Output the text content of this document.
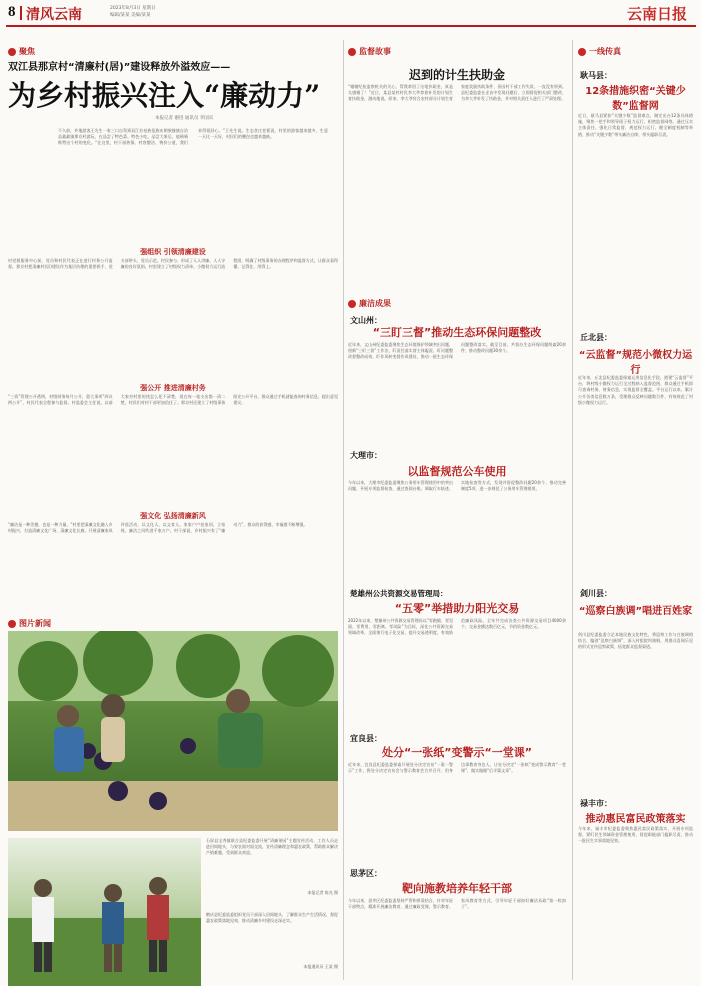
8 清风云南	2023年8月3日 星期日
编辑/某某 美编/某某	云南日报
聚焦
双江县那京村“清廉村(居)”建设释放外溢效应——
为乡村振兴注入“廉动力”
本报记者 谢进 通讯员 李国宾
不久前，外地游客王先生一家三口自驾到双江拉祜族佤族布朗族傣族自治县勐勐镇那京村游玩，在品尝了特色菜、特色小吃，品尝大果后，他啧啧称赞这个村的变化。“在这里，村干部热情、村容整洁、物价公道，我们来得很舒心。”王先生说。生态食庄老板说，村里的游客越来越多，生意一天比一天好，村民们的腰包也越来越鼓。
强组织 引领清廉建设
村党群服务中心前，党员和村民代表正在进行村务公开监督。那京村把清廉村(居)建设作为基层治理的重要抓手，党支部带头，党员示范，村民参与，形成了人人讲廉、人人守廉的良好氛围。村里建立了村级权力清单、小微权力运行流程图，明确了村级事务的办理程序和监督方式，让群众看得懂、记得住、用得上。
强公开 推进清廉村务
“三资”管理公开透明，村级财务每月公开，重大事项“四议两公开”，村民代表全程参与监督。村监委会主任说，以前大家对村里的钱怎么花不清楚，现在每一笔支出都一清二楚，村民们对村干部更加信任了。那京村还建立了村级事务阳光公开平台，群众通过手机就能查询村务信息，提出意见建议。
强文化 弘扬清廉新风
“廉洁是一种美德，也是一种力量。”村里把清廉文化融入乡村振兴，打造清廉文化广场、清廉文化长廊，开展清廉家风评选活动，以文化人、以文育人。家家户户挂家训、立家规，廉洁之风吹进千家万户。村干部说，乡村振兴有了“廉动力”，群众的获得感、幸福感不断增强。
图片新闻
石屏县宝秀镇联合县纪委监委开展“清廉果园”主题宣传活动，工作人员走进田间地头，与果农面对面交流，宣传清廉理念和惠农政策，帮助群众解决产销难题，受到群众欢迎。
本报记者 陈光 摄
鹤庆县纪委监委组织党员干部深入田间地头，了解群众生产生活情况，督促惠农政策落地见效，推动清廉乡村建设走深走实。
本报通讯员 王某 摄
监督故事
迟到的计生扶助金
“谢谢纪检监察机关的关心，帮我拿回了这笔扶助金，真是太感谢了！”近日，某县某村村民李大爷拿着补发的计划生育扶助金，激动地说。原来，李大爷符合农村部分计划生育家庭奖励扶助条件，但因村干部工作失误，一直没有领到。县纪委监委在走访中发现问题后，立即督促相关部门整改，为李大爷补发了扶助金，并对相关责任人进行了严肃处理。
廉洁成果
文山州：
“三盯三督”推动生态环保问题整改
近年来，文山州纪委监委聚焦生态环境保护领域突出问题，创新“三盯三督”工作法，盯责任落实督主体履责、盯问题整改督整改成效、盯作风转变督作风建设，推动一批生态环保问题整改落实。截至目前，共督办生态环保问题线索20余件，推动整改问题30余个。
大理市：
以监督规范公车使用
今年以来，大理市纪委监委聚焦公务用车管理使用中的突出问题，开展专项监督检查，通过查阅台账、调取行车轨迹、实地检查等方式，发现并督促整改问题20余个，推动完善制度5项，进一步规范了公务用车管理使用。
楚雄州公共资源交易管理局：
“五零”举措助力阳光交易
2022年以来，楚雄州公共资源交易管理局以“零跑腿、零见面、零费用、零距离、零风险”为目标，深化公共资源交易领域改革，全面推行电子化交易，提升交易透明度，有效防范廉政风险。全年共完成各类公共资源交易项目4000余个，交易金额达数百亿元，节约资金数亿元。
宜良县：
处分“一张纸”变警示“一堂课”
近年来，宜良县纪委监委探索开展处分决定宣布“一案一警示”工作，将处分决定宣布会与警示教育会合并召开，用身边事教育身边人，让处分决定“一张纸”变成警示教育“一堂课”，做实做细“后半篇文章”。
思茅区：
靶向施教培养年轻干部
今年以来，思茅区纪委监委坚持严管和厚爱结合，针对年轻干部特点，精准开展廉洁教育，通过廉政党课、警示教育、家风教育等方式，引导年轻干部扣好廉洁从政“第一粒扣子”。
一线传真
耿马县：
12条措施织密“关键少数”监督网
近日，耿马县紧扣“关键少数”监督难点，制定出台12条具体措施，聚焦一把手和领导班子权力运行，织密监督网络。通过压实主体责任、强化日常监督、规范权力运行、健全制度机制等举措，推动“关键少数”带头廉洁自律、带头履职尽责。
丘北县：
“云监督”规范小微权力运行
近年来，丘北县纪委监委探索运用信息化手段，搭建“云监督”平台，将村级小微权力运行全过程纳入监督范围，群众通过手机即可查询村务、财务信息，实现监督全覆盖。平台运行以来，累计公开各类信息数万条，受理群众反映问题数百件，有效规范了村级小微权力运行。
剑川县：
“巡察白族调”唱进百姓家
剑川县纪委监委立足本地民族文化特色，将巡察工作与白族调相结合，编创“巡察白族调”，深入村组院坝演唱，用群众喜闻乐见的形式宣传巡察政策，拓宽群众监督渠道。
禄丰市：
推动惠民富民政策落实
今年来，禄丰市纪委监委聚焦惠民富民政策落实，开展专项监督，紧盯民生领域资金管理使用，督促职能部门履职尽责，推动一批民生实事落地见效。
